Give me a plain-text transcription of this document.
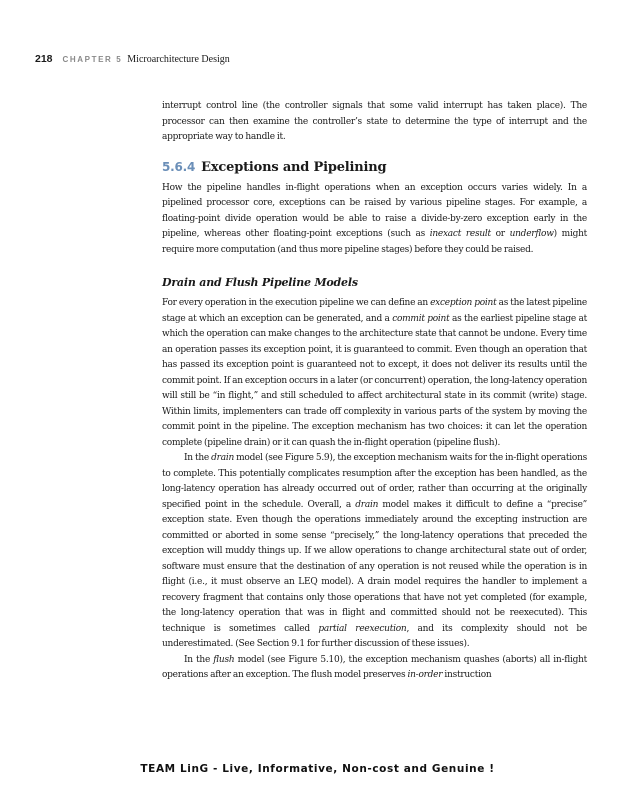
218 CHAPTER 5 Microarchitecture Design

interrupt control line (the controller signals that some valid interrupt has taken place). The processor can then examine the controller’s state to determine the type of interrupt and the appropriate way to handle it.

5.6.4 Exceptions and Pipelining

How the pipeline handles in-flight operations when an exception occurs varies widely. In a pipelined processor core, exceptions can be raised by various pipeline stages. For example, a floating-point divide operation would be able to raise a divide-by-zero exception early in the pipeline, whereas other floating-point exceptions (such as inexact result or underflow) might require more computation (and thus more pipeline stages) before they could be raised.

Drain and Flush Pipeline Models

For every operation in the execution pipeline we can define an exception point as the latest pipeline stage at which an exception can be generated, and a commit point as the earliest pipeline stage at which the operation can make changes to the architecture state that cannot be undone. Every time an operation passes its exception point, it is guaranteed to commit. Even though an operation that has passed its exception point is guaranteed not to except, it does not deliver its results until the commit point. If an exception occurs in a later (or concurrent) operation, the long-latency operation will still be “in flight,” and still scheduled to affect architectural state in its commit (write) stage. Within limits, implementers can trade off complexity in various parts of the system by moving the commit point in the pipeline. The exception mechanism has two choices: it can let the operation complete (pipeline drain) or it can quash the in-flight operation (pipeline flush).

In the drain model (see Figure 5.9), the exception mechanism waits for the in-flight operations to complete. This potentially complicates resumption after the exception has been handled, as the long-latency operation has already occurred out of order, rather than occurring at the originally specified point in the schedule. Overall, a drain model makes it difficult to define a “precise” exception state. Even though the operations immediately around the excepting instruction are committed or aborted in some sense “precisely,” the long-latency operations that preceded the exception will muddy things up. If we allow operations to change architectural state out of order, software must ensure that the destination of any operation is not reused while the operation is in flight (i.e., it must observe an LEQ model). A drain model requires the handler to implement a recovery fragment that contains only those operations that have not yet completed (for example, the long-latency operation that was in flight and committed should not be reexecuted). This technique is sometimes called partial reexecution, and its complexity should not be underestimated. (See Section 9.1 for further discussion of these issues).

In the flush model (see Figure 5.10), the exception mechanism quashes (aborts) all in-flight operations after an exception. The flush model preserves in-order instruction

TEAM LinG - Live, Informative, Non-cost and Genuine !
